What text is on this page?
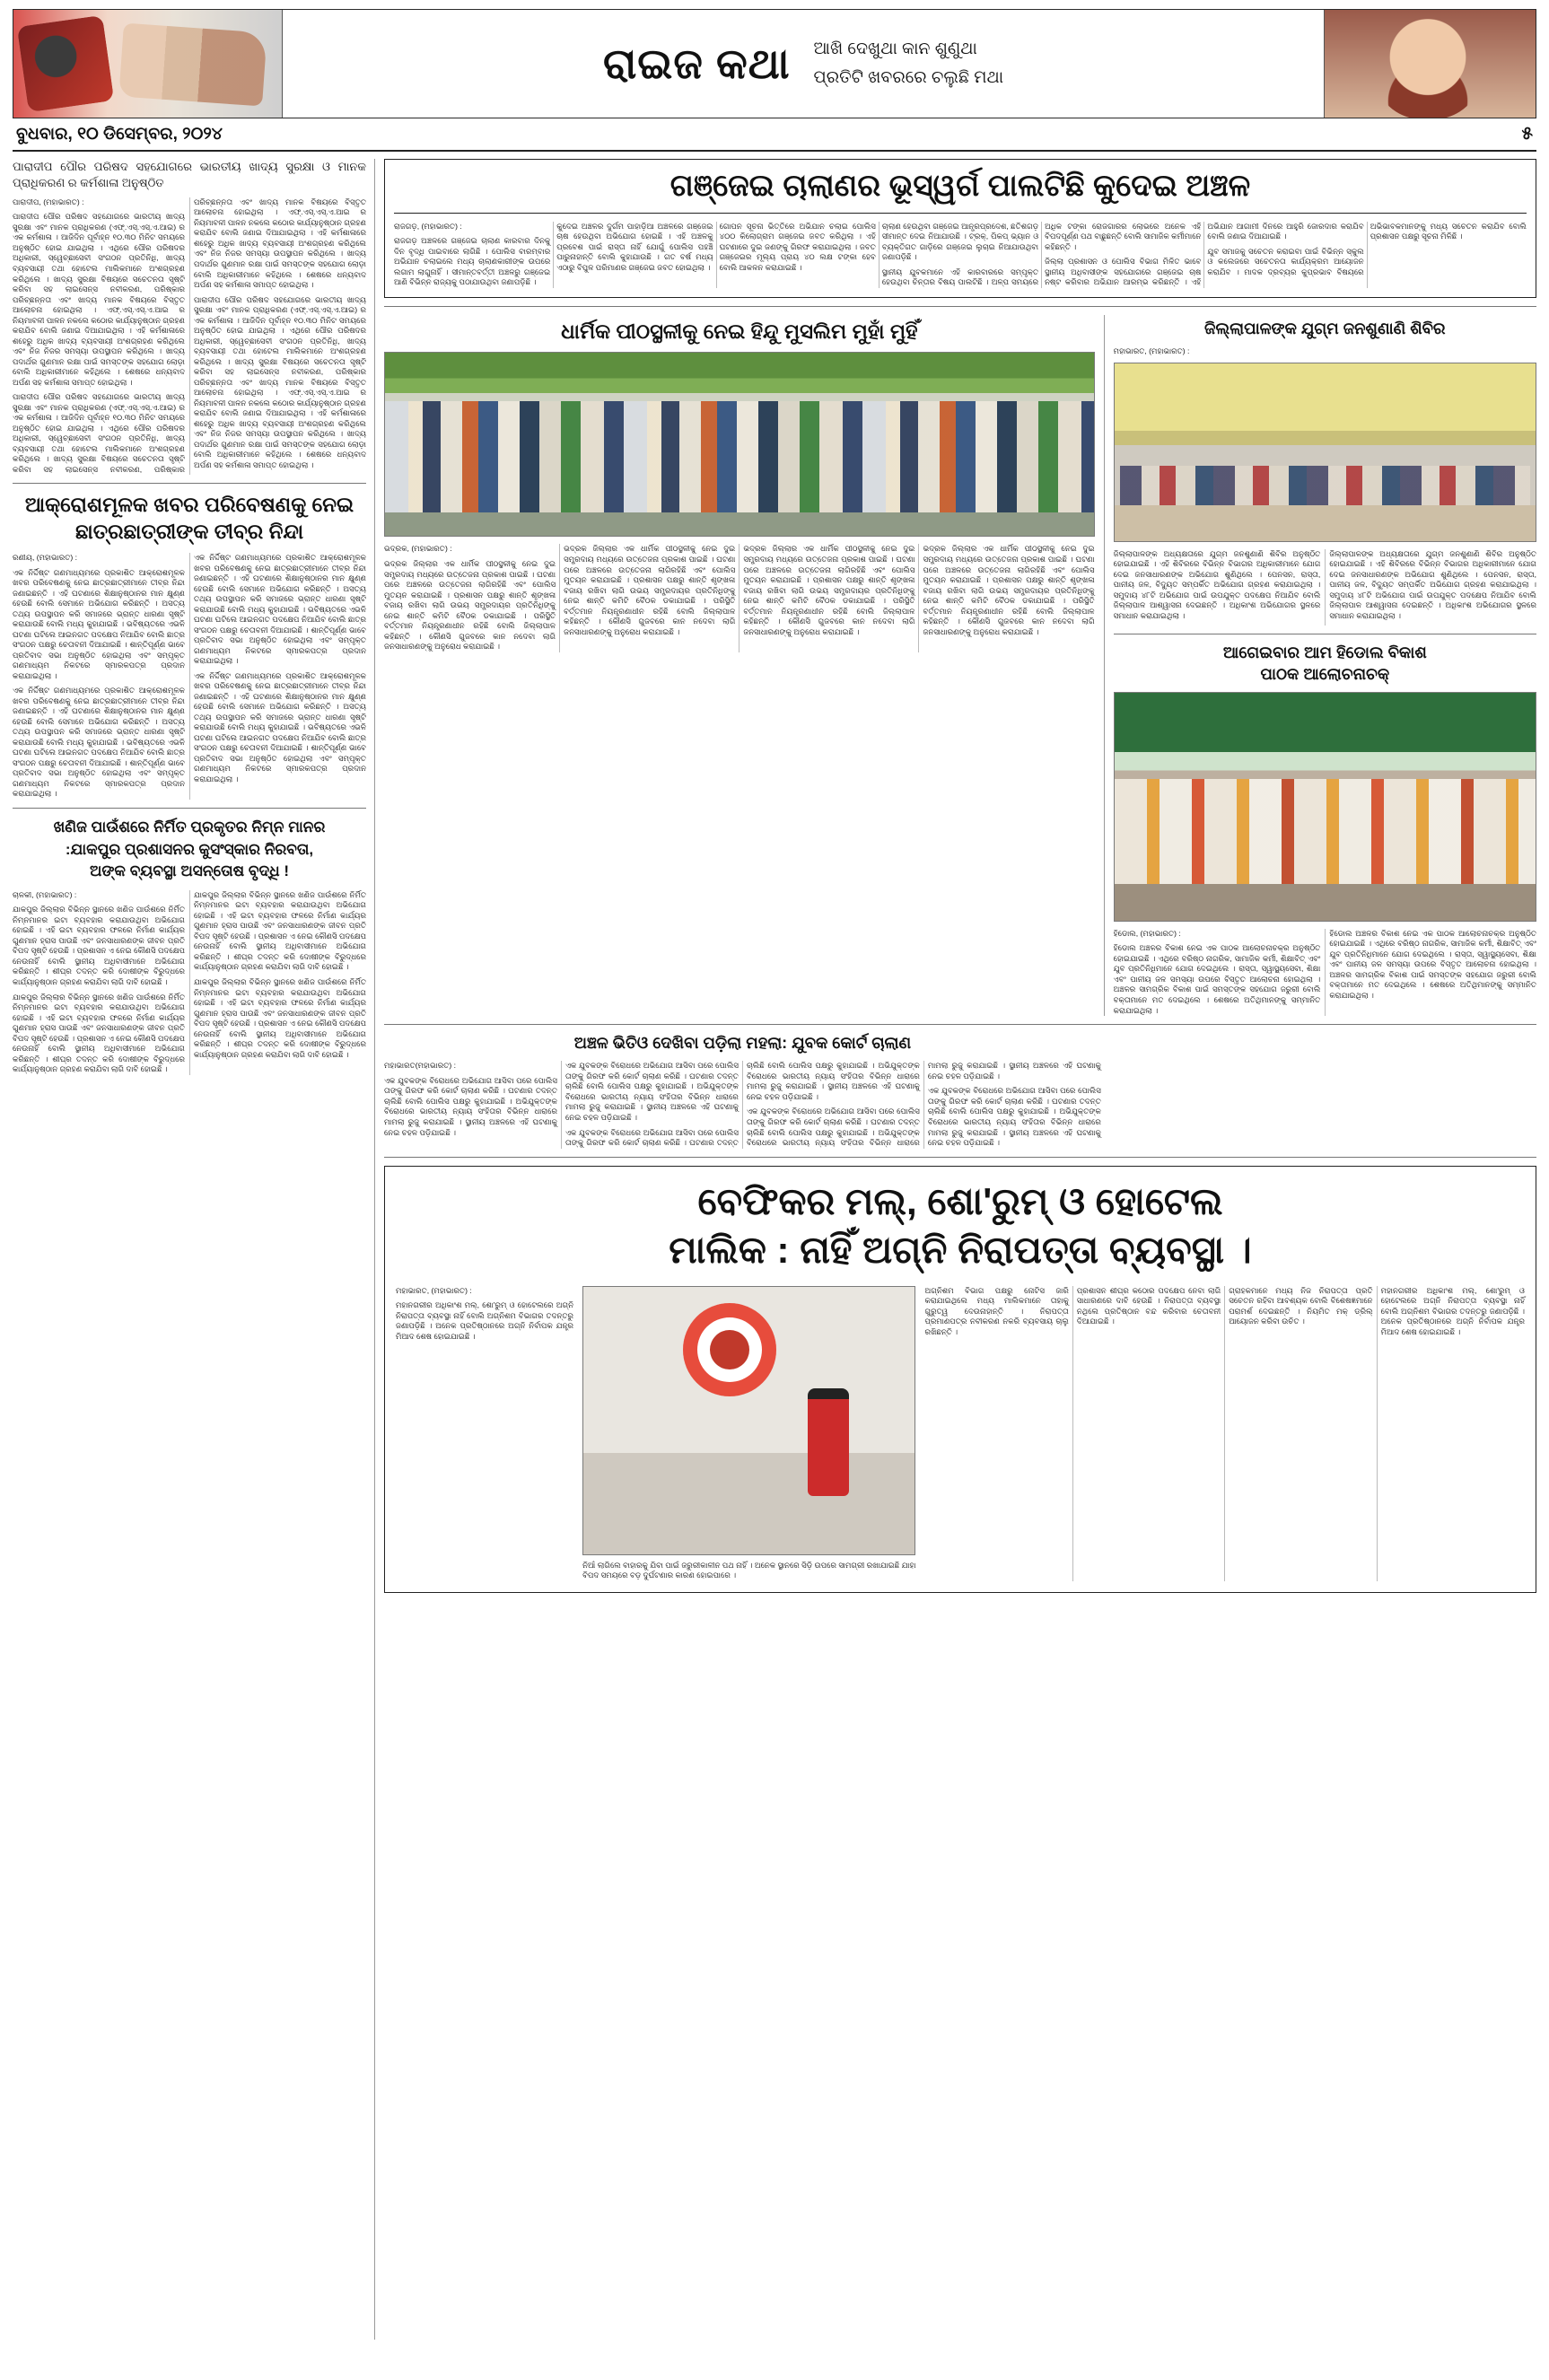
ରାଇଜ କଥା ଆଖି ଦେଖୁଥା କାନ ଶୁଣୁଥା
ପ୍ରତିଟି ଖବରରେ ଚଲୁଛି ମଥା
ବୁଧବାର, ୧୦ ଡିସେମ୍ବର, ୨୦୨୪	୫
ପାରାଦୀପ ପୌର ପରିଷଦ ସହଯୋଗରେ ଭାରତୀୟ ଖାଦ୍ୟ ସୁରକ୍ଷା ଓ ମାନକ ପ୍ରାଧିକରଣ ର କର୍ମଶାଳା ଅନୁଷ୍ଠିତ

ପାରାଦୀପ, (ମହାଭାରତ) :

ପାରାଦୀପ ପୌର ପରିଷଦ ସହଯୋଗରେ ଭାରତୀୟ ଖାଦ୍ୟ ସୁରକ୍ଷା ଏବଂ ମାନକ ପ୍ରାଧିକରଣ (ଏଫ୍.ଏସ୍.ଏସ୍.ଏ.ଆଇ) ର ଏକ କର୍ମଶାଳା । ଆଜିଦିନ ପୂର୍ବାହ୍ନ ୧୦.୩୦ ମିନିଟ ସମୟରେ ଅନୁଷ୍ଠିତ ହୋଇ ଯାଇଥିଲା । ଏଥିରେ ପୌର ପରିଷଦର ଅଧିକାରୀ, ସ୍ୱେଚ୍ଛାସେବୀ ସଂଗଠନ ପ୍ରତିନିଧି, ଖାଦ୍ୟ ବ୍ୟବସାୟୀ ତଥା ହୋଟେଲ ମାଲିକମାନେ ଅଂଶଗ୍ରହଣ କରିଥିଲେ । ଖାଦ୍ୟ ସୁରକ୍ଷା ବିଷୟରେ ସଚେତନତା ସୃଷ୍ଟି କରିବା ସହ ଲାଇସେନ୍ସ ନବୀକରଣ, ପରିଷ୍କାର ପରିଚ୍ଛନ୍ନତା ଏବଂ ଖାଦ୍ୟ ମାନକ ବିଷୟରେ ବିସ୍ତୃତ ଆଲୋଚନା ହୋଇଥିଲା । ଏଫ୍.ଏସ୍.ଏସ୍.ଏ.ଆଇ ର ନିୟମାବଳୀ ପାଳନ ନକଲେ କଠୋର କାର୍ଯ୍ୟାନୁଷ୍ଠାନ ଗ୍ରହଣ କରାଯିବ ବୋଲି ଜଣାଇ ଦିଆଯାଇଥିଲା । ଏହି କର୍ମଶାଳାରେ ଶହେରୁ ଅଧିକ ଖାଦ୍ୟ ବ୍ୟବସାୟୀ ଅଂଶଗ୍ରହଣ କରିଥିଲେ ଏବଂ ନିଜ ନିଜର ସମସ୍ୟା ଉପସ୍ଥାପନ କରିଥିଲେ । ଖାଦ୍ୟ ପଦାର୍ଥର ଗୁଣମାନ ରକ୍ଷା ପାଇଁ ସମସ୍ତଙ୍କ ସହଯୋଗ ଲୋଡ଼ା ବୋଲି ଅଧିକାରୀମାନେ କହିଥିଲେ । ଶେଷରେ ଧନ୍ୟବାଦ ଅର୍ପଣ ସହ କର୍ମଶାଳା ସମାପ୍ତ ହୋଇଥିଲା ।

ପାରାଦୀପ ପୌର ପରିଷଦ ସହଯୋଗରେ ଭାରତୀୟ ଖାଦ୍ୟ ସୁରକ୍ଷା ଏବଂ ମାନକ ପ୍ରାଧିକରଣ (ଏଫ୍.ଏସ୍.ଏସ୍.ଏ.ଆଇ) ର ଏକ କର୍ମଶାଳା । ଆଜିଦିନ ପୂର୍ବାହ୍ନ ୧୦.୩୦ ମିନିଟ ସମୟରେ ଅନୁଷ୍ଠିତ ହୋଇ ଯାଇଥିଲା । ଏଥିରେ ପୌର ପରିଷଦର ଅଧିକାରୀ, ସ୍ୱେଚ୍ଛାସେବୀ ସଂଗଠନ ପ୍ରତିନିଧି, ଖାଦ୍ୟ ବ୍ୟବସାୟୀ ତଥା ହୋଟେଲ ମାଲିକମାନେ ଅଂଶଗ୍ରହଣ କରିଥିଲେ । ଖାଦ୍ୟ ସୁରକ୍ଷା ବିଷୟରେ ସଚେତନତା ସୃଷ୍ଟି କରିବା ସହ ଲାଇସେନ୍ସ ନବୀକରଣ, ପରିଷ୍କାର ପରିଚ୍ଛନ୍ନତା ଏବଂ ଖାଦ୍ୟ ମାନକ ବିଷୟରେ ବିସ୍ତୃତ ଆଲୋଚନା ହୋଇଥିଲା । ଏଫ୍.ଏସ୍.ଏସ୍.ଏ.ଆଇ ର ନିୟମାବଳୀ ପାଳନ ନକଲେ କଠୋର କାର୍ଯ୍ୟାନୁଷ୍ଠାନ ଗ୍ରହଣ କରାଯିବ ବୋଲି ଜଣାଇ ଦିଆଯାଇଥିଲା । ଏହି କର୍ମଶାଳାରେ ଶହେରୁ ଅଧିକ ଖାଦ୍ୟ ବ୍ୟବସାୟୀ ଅଂଶଗ୍ରହଣ କରିଥିଲେ ଏବଂ ନିଜ ନିଜର ସମସ୍ୟା ଉପସ୍ଥାପନ କରିଥିଲେ । ଖାଦ୍ୟ ପଦାର୍ଥର ଗୁଣମାନ ରକ୍ଷା ପାଇଁ ସମସ୍ତଙ୍କ ସହଯୋଗ ଲୋଡ଼ା ବୋଲି ଅଧିକାରୀମାନେ କହିଥିଲେ । ଶେଷରେ ଧନ୍ୟବାଦ ଅର୍ପଣ ସହ କର୍ମଶାଳା ସମାପ୍ତ ହୋଇଥିଲା ।

ପାରାଦୀପ ପୌର ପରିଷଦ ସହଯୋଗରେ ଭାରତୀୟ ଖାଦ୍ୟ ସୁରକ୍ଷା ଏବଂ ମାନକ ପ୍ରାଧିକରଣ (ଏଫ୍.ଏସ୍.ଏସ୍.ଏ.ଆଇ) ର ଏକ କର୍ମଶାଳା । ଆଜିଦିନ ପୂର୍ବାହ୍ନ ୧୦.୩୦ ମିନିଟ ସମୟରେ ଅନୁଷ୍ଠିତ ହୋଇ ଯାଇଥିଲା । ଏଥିରେ ପୌର ପରିଷଦର ଅଧିକାରୀ, ସ୍ୱେଚ୍ଛାସେବୀ ସଂଗଠନ ପ୍ରତିନିଧି, ଖାଦ୍ୟ ବ୍ୟବସାୟୀ ତଥା ହୋଟେଲ ମାଲିକମାନେ ଅଂଶଗ୍ରହଣ କରିଥିଲେ । ଖାଦ୍ୟ ସୁରକ୍ଷା ବିଷୟରେ ସଚେତନତା ସୃଷ୍ଟି କରିବା ସହ ଲାଇସେନ୍ସ ନବୀକରଣ, ପରିଷ୍କାର ପରିଚ୍ଛନ୍ନତା ଏବଂ ଖାଦ୍ୟ ମାନକ ବିଷୟରେ ବିସ୍ତୃତ ଆଲୋଚନା ହୋଇଥିଲା । ଏଫ୍.ଏସ୍.ଏସ୍.ଏ.ଆଇ ର ନିୟମାବଳୀ ପାଳନ ନକଲେ କଠୋର କାର୍ଯ୍ୟାନୁଷ୍ଠାନ ଗ୍ରହଣ କରାଯିବ ବୋଲି ଜଣାଇ ଦିଆଯାଇଥିଲା । ଏହି କର୍ମଶାଳାରେ ଶହେରୁ ଅଧିକ ଖାଦ୍ୟ ବ୍ୟବସାୟୀ ଅଂଶଗ୍ରହଣ କରିଥିଲେ ଏବଂ ନିଜ ନିଜର ସମସ୍ୟା ଉପସ୍ଥାପନ କରିଥିଲେ । ଖାଦ୍ୟ ପଦାର୍ଥର ଗୁଣମାନ ରକ୍ଷା ପାଇଁ ସମସ୍ତଙ୍କ ସହଯୋଗ ଲୋଡ଼ା ବୋଲି ଅଧିକାରୀମାନେ କହିଥିଲେ । ଶେଷରେ ଧନ୍ୟବାଦ ଅର୍ପଣ ସହ କର୍ମଶାଳା ସମାପ୍ତ ହୋଇଥିଲା ।

ଆକ୍ରୋଶମୂଳକ ଖବର ପରିବେଷଣକୁ ନେଇ ଛାତ୍ରଛାତ୍ରୀଙ୍କ ତୀବ୍ର ନିନ୍ଦା

ରଣୀୟ, (ମହାଭାରତ) :

ଏକ ନିର୍ଦ୍ଦିଷ୍ଟ ଗଣମାଧ୍ୟମରେ ପ୍ରକାଶିତ ଆକ୍ରୋଶମୂଳକ ଖବର ପରିବେଷଣକୁ ନେଇ ଛାତ୍ରଛାତ୍ରୀମାନେ ତୀବ୍ର ନିନ୍ଦା ଜଣାଇଛନ୍ତି । ଏହି ଘଟଣାରେ ଶିକ୍ଷାନୁଷ୍ଠାନର ମାନ କ୍ଷୁଣ୍ଣ ହେଉଛି ବୋଲି ସେମାନେ ଅଭିଯୋଗ କରିଛନ୍ତି । ଅସତ୍ୟ ତଥ୍ୟ ଉପସ୍ଥାପନ କରି ସମାଜରେ ଭ୍ରାନ୍ତ ଧାରଣା ସୃଷ୍ଟି କରାଯାଉଛି ବୋଲି ମଧ୍ୟ କୁହାଯାଇଛି । ଭବିଷ୍ୟତରେ ଏଭଳି ଘଟଣା ଘଟିଲେ ଆଇନଗତ ପଦକ୍ଷେପ ନିଆଯିବ ବୋଲି ଛାତ୍ର ସଂଗଠନ ପକ୍ଷରୁ ଚେତାବନୀ ଦିଆଯାଇଛି । ଶାନ୍ତିପୂର୍ଣ୍ଣ ଭାବେ ପ୍ରତିବାଦ ସଭା ଅନୁଷ୍ଠିତ ହୋଇଥିଲା ଏବଂ ସମ୍ପୃକ୍ତ ଗଣମାଧ୍ୟମ ନିକଟରେ ସ୍ମାରକପତ୍ର ପ୍ରଦାନ କରାଯାଇଥିଲା ।

ଏକ ନିର୍ଦ୍ଦିଷ୍ଟ ଗଣମାଧ୍ୟମରେ ପ୍ରକାଶିତ ଆକ୍ରୋଶମୂଳକ ଖବର ପରିବେଷଣକୁ ନେଇ ଛାତ୍ରଛାତ୍ରୀମାନେ ତୀବ୍ର ନିନ୍ଦା ଜଣାଇଛନ୍ତି । ଏହି ଘଟଣାରେ ଶିକ୍ଷାନୁଷ୍ଠାନର ମାନ କ୍ଷୁଣ୍ଣ ହେଉଛି ବୋଲି ସେମାନେ ଅଭିଯୋଗ କରିଛନ୍ତି । ଅସତ୍ୟ ତଥ୍ୟ ଉପସ୍ଥାପନ କରି ସମାଜରେ ଭ୍ରାନ୍ତ ଧାରଣା ସୃଷ୍ଟି କରାଯାଉଛି ବୋଲି ମଧ୍ୟ କୁହାଯାଇଛି । ଭବିଷ୍ୟତରେ ଏଭଳି ଘଟଣା ଘଟିଲେ ଆଇନଗତ ପଦକ୍ଷେପ ନିଆଯିବ ବୋଲି ଛାତ୍ର ସଂଗଠନ ପକ୍ଷରୁ ଚେତାବନୀ ଦିଆଯାଇଛି । ଶାନ୍ତିପୂର୍ଣ୍ଣ ଭାବେ ପ୍ରତିବାଦ ସଭା ଅନୁଷ୍ଠିତ ହୋଇଥିଲା ଏବଂ ସମ୍ପୃକ୍ତ ଗଣମାଧ୍ୟମ ନିକଟରେ ସ୍ମାରକପତ୍ର ପ୍ରଦାନ କରାଯାଇଥିଲା ।

ଏକ ନିର୍ଦ୍ଦିଷ୍ଟ ଗଣମାଧ୍ୟମରେ ପ୍ରକାଶିତ ଆକ୍ରୋଶମୂଳକ ଖବର ପରିବେଷଣକୁ ନେଇ ଛାତ୍ରଛାତ୍ରୀମାନେ ତୀବ୍ର ନିନ୍ଦା ଜଣାଇଛନ୍ତି । ଏହି ଘଟଣାରେ ଶିକ୍ଷାନୁଷ୍ଠାନର ମାନ କ୍ଷୁଣ୍ଣ ହେଉଛି ବୋଲି ସେମାନେ ଅଭିଯୋଗ କରିଛନ୍ତି । ଅସତ୍ୟ ତଥ୍ୟ ଉପସ୍ଥାପନ କରି ସମାଜରେ ଭ୍ରାନ୍ତ ଧାରଣା ସୃଷ୍ଟି କରାଯାଉଛି ବୋଲି ମଧ୍ୟ କୁହାଯାଇଛି । ଭବିଷ୍ୟତରେ ଏଭଳି ଘଟଣା ଘଟିଲେ ଆଇନଗତ ପଦକ୍ଷେପ ନିଆଯିବ ବୋଲି ଛାତ୍ର ସଂଗଠନ ପକ୍ଷରୁ ଚେତାବନୀ ଦିଆଯାଇଛି । ଶାନ୍ତିପୂର୍ଣ୍ଣ ଭାବେ ପ୍ରତିବାଦ ସଭା ଅନୁଷ୍ଠିତ ହୋଇଥିଲା ଏବଂ ସମ୍ପୃକ୍ତ ଗଣମାଧ୍ୟମ ନିକଟରେ ସ୍ମାରକପତ୍ର ପ୍ରଦାନ କରାଯାଇଥିଲା ।

ଏକ ନିର୍ଦ୍ଦିଷ୍ଟ ଗଣମାଧ୍ୟମରେ ପ୍ରକାଶିତ ଆକ୍ରୋଶମୂଳକ ଖବର ପରିବେଷଣକୁ ନେଇ ଛାତ୍ରଛାତ୍ରୀମାନେ ତୀବ୍ର ନିନ୍ଦା ଜଣାଇଛନ୍ତି । ଏହି ଘଟଣାରେ ଶିକ୍ଷାନୁଷ୍ଠାନର ମାନ କ୍ଷୁଣ୍ଣ ହେଉଛି ବୋଲି ସେମାନେ ଅଭିଯୋଗ କରିଛନ୍ତି । ଅସତ୍ୟ ତଥ୍ୟ ଉପସ୍ଥାପନ କରି ସମାଜରେ ଭ୍ରାନ୍ତ ଧାରଣା ସୃଷ୍ଟି କରାଯାଉଛି ବୋଲି ମଧ୍ୟ କୁହାଯାଇଛି । ଭବିଷ୍ୟତରେ ଏଭଳି ଘଟଣା ଘଟିଲେ ଆଇନଗତ ପଦକ୍ଷେପ ନିଆଯିବ ବୋଲି ଛାତ୍ର ସଂଗଠନ ପକ୍ଷରୁ ଚେତାବନୀ ଦିଆଯାଇଛି । ଶାନ୍ତିପୂର୍ଣ୍ଣ ଭାବେ ପ୍ରତିବାଦ ସଭା ଅନୁଷ୍ଠିତ ହୋଇଥିଲା ଏବଂ ସମ୍ପୃକ୍ତ ଗଣମାଧ୍ୟମ ନିକଟରେ ସ୍ମାରକପତ୍ର ପ୍ରଦାନ କରାଯାଇଥିଲା ।

ଖଣିଜ ପାଉଁଶରେ ନିର୍ମିତ ପ୍ରକୃତର ନିମ୍ନ ମାନର
:ଯାକପୁର ପ୍ରଶାସନର କୁସଂସ୍କାର ନିରବତା,
ଅଙ୍କ ବ୍ୟବସ୍ଥା ଅସନ୍ତୋଷ ବୃଦ୍ଧି !

ଚାଳକୀ, (ମହାଭାରତ) :

ଯାକପୁର ଜିଲ୍ଲାର ବିଭିନ୍ନ ସ୍ଥାନରେ ଖଣିଜ ପାଉଁଶରେ ନିର୍ମିତ ନିମ୍ନମାନର ଇଟା ବ୍ୟବହାର କରାଯାଉଥିବା ଅଭିଯୋଗ ହୋଇଛି । ଏହି ଇଟା ବ୍ୟବହାର ଫଳରେ ନିର୍ମାଣ କାର୍ଯ୍ୟର ଗୁଣମାନ ହ୍ରାସ ପାଉଛି ଏବଂ ଜନସାଧାରଣଙ୍କ ଜୀବନ ପ୍ରତି ବିପଦ ସୃଷ୍ଟି ହେଉଛି । ପ୍ରଶାସନ ଏ ନେଇ କୌଣସି ପଦକ୍ଷେପ ନେଉନାହିଁ ବୋଲି ସ୍ଥାନୀୟ ଅଧିବାସୀମାନେ ଅଭିଯୋଗ କରିଛନ୍ତି । ଶୀଘ୍ର ତଦନ୍ତ କରି ଦୋଷୀଙ୍କ ବିରୁଦ୍ଧରେ କାର୍ଯ୍ୟାନୁଷ୍ଠାନ ଗ୍ରହଣ କରାଯିବା ଲାଗି ଦାବି ହୋଇଛି ।

ଯାକପୁର ଜିଲ୍ଲାର ବିଭିନ୍ନ ସ୍ଥାନରେ ଖଣିଜ ପାଉଁଶରେ ନିର୍ମିତ ନିମ୍ନମାନର ଇଟା ବ୍ୟବହାର କରାଯାଉଥିବା ଅଭିଯୋଗ ହୋଇଛି । ଏହି ଇଟା ବ୍ୟବହାର ଫଳରେ ନିର୍ମାଣ କାର୍ଯ୍ୟର ଗୁଣମାନ ହ୍ରାସ ପାଉଛି ଏବଂ ଜନସାଧାରଣଙ୍କ ଜୀବନ ପ୍ରତି ବିପଦ ସୃଷ୍ଟି ହେଉଛି । ପ୍ରଶାସନ ଏ ନେଇ କୌଣସି ପଦକ୍ଷେପ ନେଉନାହିଁ ବୋଲି ସ୍ଥାନୀୟ ଅଧିବାସୀମାନେ ଅଭିଯୋଗ କରିଛନ୍ତି । ଶୀଘ୍ର ତଦନ୍ତ କରି ଦୋଷୀଙ୍କ ବିରୁଦ୍ଧରେ କାର୍ଯ୍ୟାନୁଷ୍ଠାନ ଗ୍ରହଣ କରାଯିବା ଲାଗି ଦାବି ହୋଇଛି ।

ଯାକପୁର ଜିଲ୍ଲାର ବିଭିନ୍ନ ସ୍ଥାନରେ ଖଣିଜ ପାଉଁଶରେ ନିର୍ମିତ ନିମ୍ନମାନର ଇଟା ବ୍ୟବହାର କରାଯାଉଥିବା ଅଭିଯୋଗ ହୋଇଛି । ଏହି ଇଟା ବ୍ୟବହାର ଫଳରେ ନିର୍ମାଣ କାର୍ଯ୍ୟର ଗୁଣମାନ ହ୍ରାସ ପାଉଛି ଏବଂ ଜନସାଧାରଣଙ୍କ ଜୀବନ ପ୍ରତି ବିପଦ ସୃଷ୍ଟି ହେଉଛି । ପ୍ରଶାସନ ଏ ନେଇ କୌଣସି ପଦକ୍ଷେପ ନେଉନାହିଁ ବୋଲି ସ୍ଥାନୀୟ ଅଧିବାସୀମାନେ ଅଭିଯୋଗ କରିଛନ୍ତି । ଶୀଘ୍ର ତଦନ୍ତ କରି ଦୋଷୀଙ୍କ ବିରୁଦ୍ଧରେ କାର୍ଯ୍ୟାନୁଷ୍ଠାନ ଗ୍ରହଣ କରାଯିବା ଲାଗି ଦାବି ହୋଇଛି ।

ଯାକପୁର ଜିଲ୍ଲାର ବିଭିନ୍ନ ସ୍ଥାନରେ ଖଣିଜ ପାଉଁଶରେ ନିର୍ମିତ ନିମ୍ନମାନର ଇଟା ବ୍ୟବହାର କରାଯାଉଥିବା ଅଭିଯୋଗ ହୋଇଛି । ଏହି ଇଟା ବ୍ୟବହାର ଫଳରେ ନିର୍ମାଣ କାର୍ଯ୍ୟର ଗୁଣମାନ ହ୍ରାସ ପାଉଛି ଏବଂ ଜନସାଧାରଣଙ୍କ ଜୀବନ ପ୍ରତି ବିପଦ ସୃଷ୍ଟି ହେଉଛି । ପ୍ରଶାସନ ଏ ନେଇ କୌଣସି ପଦକ୍ଷେପ ନେଉନାହିଁ ବୋଲି ସ୍ଥାନୀୟ ଅଧିବାସୀମାନେ ଅଭିଯୋଗ କରିଛନ୍ତି । ଶୀଘ୍ର ତଦନ୍ତ କରି ଦୋଷୀଙ୍କ ବିରୁଦ୍ଧରେ କାର୍ଯ୍ୟାନୁଷ୍ଠାନ ଗ୍ରହଣ କରାଯିବା ଲାଗି ଦାବି ହୋଇଛି ।

ଗଞ୍ଜେଇ ଚାଲାଣର ଭୂସ୍ୱର୍ଗ ପାଲଟିଛି କୁଦେଇ ଅଞ୍ଚଳ

ରାଜଗଡ଼, (ମହାଭାରତ) :

ରାଜଗଡ଼ ଅଞ୍ଚଳରେ ଗଞ୍ଜେଇ ଚାଲାଣ କାରବାର ଦିନକୁ ଦିନ ବୃଦ୍ଧି ପାଇବାରେ ଲାଗିଛି । ପୋଲିସ ବାରମ୍ବାର ଅଭିଯାନ ଚଲାଇଲେ ମଧ୍ୟ ଚାଲାଣକାରୀଙ୍କ ଉପରେ ଲଗାମ ଲାଗୁନାହିଁ । ସୀମାନ୍ତବର୍ତ୍ତୀ ଅଞ୍ଚଳରୁ ଗଞ୍ଜେଇ ଆଣି ବିଭିନ୍ନ ରାଜ୍ୟକୁ ପଠାଯାଉଥିବା ଜଣାପଡ଼ିଛି ।

କୁଦେଇ ଅଞ୍ଚଳର ଦୁର୍ଗମ ପାହାଡ଼ିଆ ଅଞ୍ଚଳରେ ଗଞ୍ଜେଇ ଚାଷ ହେଉଥିବା ଅଭିଯୋଗ ହୋଇଛି । ଏହି ଅଞ୍ଚଳକୁ ପ୍ରବେଶ ପାଇଁ ରାସ୍ତା ନାହିଁ ଯୋଗୁଁ ପୋଲିସ ପହଞ୍ଚି ପାରୁନାହାନ୍ତି ବୋଲି କୁହାଯାଉଛି । ଗତ ବର୍ଷ ମଧ୍ୟ ଏଠାରୁ ବିପୁଳ ପରିମାଣର ଗଞ୍ଜେଇ ଜବତ ହୋଇଥିଲା ।

ଗୋପନ ସୂଚନା ଭିତ୍ତିରେ ଅଭିଯାନ ଚଲାଇ ପୋଲିସ ୪୦୦ କିଲୋଗ୍ରାମ ଗଞ୍ଜେଇ ଜବତ କରିଥିଲା । ଏହି ଘଟଣାରେ ଦୁଇ ଜଣଙ୍କୁ ଗିରଫ କରାଯାଇଥିଲା । ଜବତ ଗଞ୍ଜେଇର ମୂଲ୍ୟ ପ୍ରାୟ ୪୦ ଲକ୍ଷ ଟଙ୍କା ହେବ ବୋଲି ଆକଳନ କରାଯାଇଛି ।

ଚାଲାଣ ହେଉଥିବା ଗଞ୍ଜେଇ ଆନ୍ଧ୍ରପ୍ରଦେଶ, ଛତିଶଗଡ଼ ସୀମାନ୍ତ ଦେଇ ନିଆଯାଉଛି । ଟ୍ରକ୍, ପିକପ୍ ଭ୍ୟାନ ଓ ବ୍ୟକ୍ତିଗତ ଗାଡ଼ିରେ ଗଞ୍ଜେଇ ଲୁଚାଇ ନିଆଯାଉଥିବା ଜଣାପଡ଼ିଛି ।

ସ୍ଥାନୀୟ ଯୁବକମାନେ ଏହି କାରବାରରେ ସମ୍ପୃକ୍ତ ହେଉଥିବା ଚିନ୍ତାର ବିଷୟ ପାଲଟିଛି । ଅଳ୍ପ ସମୟରେ ଅଧିକ ଟଙ୍କା ରୋଜଗାରର ଲୋଭରେ ଅନେକ ଏହି ବିପଦପୂର୍ଣ୍ଣ ପଥ ବାଛୁଛନ୍ତି ବୋଲି ସାମାଜିକ କର୍ମୀମାନେ କହିଛନ୍ତି ।

ଜିଲ୍ଲା ପ୍ରଶାସନ ଓ ପୋଲିସ ବିଭାଗ ମିଳିତ ଭାବେ ସ୍ଥାନୀୟ ଅଧିବାସୀଙ୍କ ସହଯୋଗରେ ଗଞ୍ଜେଇ ଚାଷ ନଷ୍ଟ କରିବାର ଅଭିଯାନ ଆରମ୍ଭ କରିଛନ୍ତି । ଏହି ଅଭିଯାନ ଆଗାମୀ ଦିନରେ ଆହୁରି ଜୋରଦାର କରାଯିବ ବୋଲି ଜଣାଇ ଦିଆଯାଇଛି ।

ଯୁବ ସମାଜକୁ ସଚେତନ କରାଇବା ପାଇଁ ବିଭିନ୍ନ ସ୍କୁଲ ଓ କଲେଜରେ ସଚେତନତା କାର୍ଯ୍ୟକ୍ରମ ଆୟୋଜନ କରାଯିବ । ମାଦକ ଦ୍ରବ୍ୟର କୁପ୍ରଭାବ ବିଷୟରେ ଅଭିଭାବକମାନଙ୍କୁ ମଧ୍ୟ ସଚେତନ କରାଯିବ ବୋଲି ପ୍ରଶାସନ ପକ୍ଷରୁ ସୂଚନା ମିଳିଛି ।

ଧାର୍ମିକ ପୀଠସ୍ଥଳୀକୁ ନେଇ ହିନ୍ଦୁ ମୁସଲିମ ମୁହାଁ ମୁହିଁ

ଭଦ୍ରକ, (ମହାଭାରତ) :

ଭଦ୍ରକ ଜିଲ୍ଲାର ଏକ ଧାର୍ମିକ ପୀଠସ୍ଥଳୀକୁ ନେଇ ଦୁଇ ସମ୍ପ୍ରଦାୟ ମଧ୍ୟରେ ଉତ୍ତେଜନା ପ୍ରକାଶ ପାଇଛି । ଘଟଣା ପରେ ଅଞ୍ଚଳରେ ଉତ୍ତେଜନା ଲାଗିରହିଛି ଏବଂ ପୋଲିସ ମୁତୟନ କରାଯାଇଛି । ପ୍ରଶାସନ ପକ୍ଷରୁ ଶାନ୍ତି ଶୃଙ୍ଖଳା ବଜାୟ ରଖିବା ଲାଗି ଉଭୟ ସମ୍ପ୍ରଦାୟର ପ୍ରତିନିଧିଙ୍କୁ ନେଇ ଶାନ୍ତି କମିଟି ବୈଠକ ଡକାଯାଇଛି । ପରିସ୍ଥିତି ବର୍ତ୍ତମାନ ନିୟନ୍ତ୍ରଣାଧୀନ ରହିଛି ବୋଲି ଜିଲ୍ଲାପାଳ କହିଛନ୍ତି । କୌଣସି ଗୁଜବରେ କାନ ନଦେବା ଲାଗି ଜନସାଧାରଣଙ୍କୁ ଅନୁରୋଧ କରାଯାଇଛି ।

ଭଦ୍ରକ ଜିଲ୍ଲାର ଏକ ଧାର୍ମିକ ପୀଠସ୍ଥଳୀକୁ ନେଇ ଦୁଇ ସମ୍ପ୍ରଦାୟ ମଧ୍ୟରେ ଉତ୍ତେଜନା ପ୍ରକାଶ ପାଇଛି । ଘଟଣା ପରେ ଅଞ୍ଚଳରେ ଉତ୍ତେଜନା ଲାଗିରହିଛି ଏବଂ ପୋଲିସ ମୁତୟନ କରାଯାଇଛି । ପ୍ରଶାସନ ପକ୍ଷରୁ ଶାନ୍ତି ଶୃଙ୍ଖଳା ବଜାୟ ରଖିବା ଲାଗି ଉଭୟ ସମ୍ପ୍ରଦାୟର ପ୍ରତିନିଧିଙ୍କୁ ନେଇ ଶାନ୍ତି କମିଟି ବୈଠକ ଡକାଯାଇଛି । ପରିସ୍ଥିତି ବର୍ତ୍ତମାନ ନିୟନ୍ତ୍ରଣାଧୀନ ରହିଛି ବୋଲି ଜିଲ୍ଲାପାଳ କହିଛନ୍ତି । କୌଣସି ଗୁଜବରେ କାନ ନଦେବା ଲାଗି ଜନସାଧାରଣଙ୍କୁ ଅନୁରୋଧ କରାଯାଇଛି ।

ଭଦ୍ରକ ଜିଲ୍ଲାର ଏକ ଧାର୍ମିକ ପୀଠସ୍ଥଳୀକୁ ନେଇ ଦୁଇ ସମ୍ପ୍ରଦାୟ ମଧ୍ୟରେ ଉତ୍ତେଜନା ପ୍ରକାଶ ପାଇଛି । ଘଟଣା ପରେ ଅଞ୍ଚଳରେ ଉତ୍ତେଜନା ଲାଗିରହିଛି ଏବଂ ପୋଲିସ ମୁତୟନ କରାଯାଇଛି । ପ୍ରଶାସନ ପକ୍ଷରୁ ଶାନ୍ତି ଶୃଙ୍ଖଳା ବଜାୟ ରଖିବା ଲାଗି ଉଭୟ ସମ୍ପ୍ରଦାୟର ପ୍ରତିନିଧିଙ୍କୁ ନେଇ ଶାନ୍ତି କମିଟି ବୈଠକ ଡକାଯାଇଛି । ପରିସ୍ଥିତି ବର୍ତ୍ତମାନ ନିୟନ୍ତ୍ରଣାଧୀନ ରହିଛି ବୋଲି ଜିଲ୍ଲାପାଳ କହିଛନ୍ତି । କୌଣସି ଗୁଜବରେ କାନ ନଦେବା ଲାଗି ଜନସାଧାରଣଙ୍କୁ ଅନୁରୋଧ କରାଯାଇଛି ।

ଭଦ୍ରକ ଜିଲ୍ଲାର ଏକ ଧାର୍ମିକ ପୀଠସ୍ଥଳୀକୁ ନେଇ ଦୁଇ ସମ୍ପ୍ରଦାୟ ମଧ୍ୟରେ ଉତ୍ତେଜନା ପ୍ରକାଶ ପାଇଛି । ଘଟଣା ପରେ ଅଞ୍ଚଳରେ ଉତ୍ତେଜନା ଲାଗିରହିଛି ଏବଂ ପୋଲିସ ମୁତୟନ କରାଯାଇଛି । ପ୍ରଶାସନ ପକ୍ଷରୁ ଶାନ୍ତି ଶୃଙ୍ଖଳା ବଜାୟ ରଖିବା ଲାଗି ଉଭୟ ସମ୍ପ୍ରଦାୟର ପ୍ରତିନିଧିଙ୍କୁ ନେଇ ଶାନ୍ତି କମିଟି ବୈଠକ ଡକାଯାଇଛି । ପରିସ୍ଥିତି ବର୍ତ୍ତମାନ ନିୟନ୍ତ୍ରଣାଧୀନ ରହିଛି ବୋଲି ଜିଲ୍ଲାପାଳ କହିଛନ୍ତି । କୌଣସି ଗୁଜବରେ କାନ ନଦେବା ଲାଗି ଜନସାଧାରଣଙ୍କୁ ଅନୁରୋଧ କରାଯାଇଛି ।

ଜିଲ୍ଲାପାଳଙ୍କ ଯୁଗ୍ମ ଜନଶୁଣାଣି ଶିବିର
ମହାଭାରତ, (ମହାଭାରତ) :

ଜିଲ୍ଲାପାଳଙ୍କ ଅଧ୍ୟକ୍ଷତାରେ ଯୁଗ୍ମ ଜନଶୁଣାଣି ଶିବିର ଅନୁଷ୍ଠିତ ହୋଇଯାଇଛି । ଏହି ଶିବିରରେ ବିଭିନ୍ନ ବିଭାଗର ଅଧିକାରୀମାନେ ଯୋଗ ଦେଇ ଜନସାଧାରଣଙ୍କ ଅଭିଯୋଗ ଶୁଣିଥିଲେ । ପେନସନ, ରାସ୍ତା, ପାନୀୟ ଜଳ, ବିଦ୍ୟୁତ ସମ୍ପର୍କିତ ଅଭିଯୋଗ ଗ୍ରହଣ କରାଯାଇଥିଲା । ସମୁଦାୟ ୪୮ଟି ଅଭିଯୋଗ ପାଇଁ ଉପଯୁକ୍ତ ପଦକ୍ଷେପ ନିଆଯିବ ବୋଲି ଜିଲ୍ଲାପାଳ ଆଶ୍ୱାସନା ଦେଇଛନ୍ତି । ଅଧିକାଂଶ ଅଭିଯୋଗର ସ୍ଥଳରେ ସମାଧାନ କରାଯାଇଥିଲା ।

ଜିଲ୍ଲାପାଳଙ୍କ ଅଧ୍ୟକ୍ଷତାରେ ଯୁଗ୍ମ ଜନଶୁଣାଣି ଶିବିର ଅନୁଷ୍ଠିତ ହୋଇଯାଇଛି । ଏହି ଶିବିରରେ ବିଭିନ୍ନ ବିଭାଗର ଅଧିକାରୀମାନେ ଯୋଗ ଦେଇ ଜନସାଧାରଣଙ୍କ ଅଭିଯୋଗ ଶୁଣିଥିଲେ । ପେନସନ, ରାସ୍ତା, ପାନୀୟ ଜଳ, ବିଦ୍ୟୁତ ସମ୍ପର୍କିତ ଅଭିଯୋଗ ଗ୍ରହଣ କରାଯାଇଥିଲା । ସମୁଦାୟ ୪୮ଟି ଅଭିଯୋଗ ପାଇଁ ଉପଯୁକ୍ତ ପଦକ୍ଷେପ ନିଆଯିବ ବୋଲି ଜିଲ୍ଲାପାଳ ଆଶ୍ୱାସନା ଦେଇଛନ୍ତି । ଅଧିକାଂଶ ଅଭିଯୋଗର ସ୍ଥଳରେ ସମାଧାନ କରାଯାଇଥିଲା ।

ଆଗେଇବାର ଆମ ହିଡୋଲ ବିକାଶ
ପାଠକ ଆଲୋଚନାଚକ୍

ହିଡୋଲ, (ମହାଭାରତ) :

ହିଡୋଲ ଅଞ୍ଚଳର ବିକାଶ ନେଇ ଏକ ପାଠକ ଆଲୋଚନାଚକ୍ର ଅନୁଷ୍ଠିତ ହୋଇଯାଇଛି । ଏଥିରେ ବରିଷ୍ଠ ନାଗରିକ, ସାମାଜିକ କର୍ମୀ, ଶିକ୍ଷାବିତ୍ ଏବଂ ଯୁବ ପ୍ରତିନିଧିମାନେ ଯୋଗ ଦେଇଥିଲେ । ରାସ୍ତା, ସ୍ୱାସ୍ଥ୍ୟସେବା, ଶିକ୍ଷା ଏବଂ ପାନୀୟ ଜଳ ସମସ୍ୟା ଉପରେ ବିସ୍ତୃତ ଆଲୋଚନା ହୋଇଥିଲା । ଅଞ୍ଚଳର ସାମଗ୍ରିକ ବିକାଶ ପାଇଁ ସମସ୍ତଙ୍କ ସହଯୋଗ ଜରୁରୀ ବୋଲି ବକ୍ତାମାନେ ମତ ଦେଇଥିଲେ । ଶେଷରେ ଅତିଥିମାନଙ୍କୁ ସମ୍ମାନିତ କରାଯାଇଥିଲା ।

ହିଡୋଲ ଅଞ୍ଚଳର ବିକାଶ ନେଇ ଏକ ପାଠକ ଆଲୋଚନାଚକ୍ର ଅନୁଷ୍ଠିତ ହୋଇଯାଇଛି । ଏଥିରେ ବରିଷ୍ଠ ନାଗରିକ, ସାମାଜିକ କର୍ମୀ, ଶିକ୍ଷାବିତ୍ ଏବଂ ଯୁବ ପ୍ରତିନିଧିମାନେ ଯୋଗ ଦେଇଥିଲେ । ରାସ୍ତା, ସ୍ୱାସ୍ଥ୍ୟସେବା, ଶିକ୍ଷା ଏବଂ ପାନୀୟ ଜଳ ସମସ୍ୟା ଉପରେ ବିସ୍ତୃତ ଆଲୋଚନା ହୋଇଥିଲା । ଅଞ୍ଚଳର ସାମଗ୍ରିକ ବିକାଶ ପାଇଁ ସମସ୍ତଙ୍କ ସହଯୋଗ ଜରୁରୀ ବୋଲି ବକ୍ତାମାନେ ମତ ଦେଇଥିଲେ । ଶେଷରେ ଅତିଥିମାନଙ୍କୁ ସମ୍ମାନିତ କରାଯାଇଥିଲା ।

ଅଞ୍ଚଳ ଭିତିଓ ଦେଖିବା ପଡ଼ିଲା ମହଲା: ଯୁବକ କୋର୍ଟ ଚାଲାଣ

ମହାଭାରତ(ମହାଭାରତ) :

ଏକ ଯୁବକଙ୍କ ବିରୋଧରେ ଅଭିଯୋଗ ଆସିବା ପରେ ପୋଲିସ ତାଙ୍କୁ ଗିରଫ କରି କୋର୍ଟ ଚାଲାଣ କରିଛି । ଘଟଣାର ତଦନ୍ତ ଚାଲିଛି ବୋଲି ପୋଲିସ ପକ୍ଷରୁ କୁହାଯାଇଛି । ଅଭିଯୁକ୍ତଙ୍କ ବିରୋଧରେ ଭାରତୀୟ ନ୍ୟାୟ ସଂହିତାର ବିଭିନ୍ନ ଧାରାରେ ମାମଲା ରୁଜୁ କରାଯାଇଛି । ସ୍ଥାନୀୟ ଅଞ୍ଚଳରେ ଏହି ଘଟଣାକୁ ନେଇ ଚହଳ ପଡ଼ିଯାଇଛି ।

ଏକ ଯୁବକଙ୍କ ବିରୋଧରେ ଅଭିଯୋଗ ଆସିବା ପରେ ପୋଲିସ ତାଙ୍କୁ ଗିରଫ କରି କୋର୍ଟ ଚାଲାଣ କରିଛି । ଘଟଣାର ତଦନ୍ତ ଚାଲିଛି ବୋଲି ପୋଲିସ ପକ୍ଷରୁ କୁହାଯାଇଛି । ଅଭିଯୁକ୍ତଙ୍କ ବିରୋଧରେ ଭାରତୀୟ ନ୍ୟାୟ ସଂହିତାର ବିଭିନ୍ନ ଧାରାରେ ମାମଲା ରୁଜୁ କରାଯାଇଛି । ସ୍ଥାନୀୟ ଅଞ୍ଚଳରେ ଏହି ଘଟଣାକୁ ନେଇ ଚହଳ ପଡ଼ିଯାଇଛି ।

ଏକ ଯୁବକଙ୍କ ବିରୋଧରେ ଅଭିଯୋଗ ଆସିବା ପରେ ପୋଲିସ ତାଙ୍କୁ ଗିରଫ କରି କୋର୍ଟ ଚାଲାଣ କରିଛି । ଘଟଣାର ତଦନ୍ତ ଚାଲିଛି ବୋଲି ପୋଲିସ ପକ୍ଷରୁ କୁହାଯାଇଛି । ଅଭିଯୁକ୍ତଙ୍କ ବିରୋଧରେ ଭାରତୀୟ ନ୍ୟାୟ ସଂହିତାର ବିଭିନ୍ନ ଧାରାରେ ମାମଲା ରୁଜୁ କରାଯାଇଛି । ସ୍ଥାନୀୟ ଅଞ୍ଚଳରେ ଏହି ଘଟଣାକୁ ନେଇ ଚହଳ ପଡ଼ିଯାଇଛି ।

ଏକ ଯୁବକଙ୍କ ବିରୋଧରେ ଅଭିଯୋଗ ଆସିବା ପରେ ପୋଲିସ ତାଙ୍କୁ ଗିରଫ କରି କୋର୍ଟ ଚାଲାଣ କରିଛି । ଘଟଣାର ତଦନ୍ତ ଚାଲିଛି ବୋଲି ପୋଲିସ ପକ୍ଷରୁ କୁହାଯାଇଛି । ଅଭିଯୁକ୍ତଙ୍କ ବିରୋଧରେ ଭାରତୀୟ ନ୍ୟାୟ ସଂହିତାର ବିଭିନ୍ନ ଧାରାରେ ମାମଲା ରୁଜୁ କରାଯାଇଛି । ସ୍ଥାନୀୟ ଅଞ୍ଚଳରେ ଏହି ଘଟଣାକୁ ନେଇ ଚହଳ ପଡ଼ିଯାଇଛି ।

ଏକ ଯୁବକଙ୍କ ବିରୋଧରେ ଅଭିଯୋଗ ଆସିବା ପରେ ପୋଲିସ ତାଙ୍କୁ ଗିରଫ କରି କୋର୍ଟ ଚାଲାଣ କରିଛି । ଘଟଣାର ତଦନ୍ତ ଚାଲିଛି ବୋଲି ପୋଲିସ ପକ୍ଷରୁ କୁହାଯାଇଛି । ଅଭିଯୁକ୍ତଙ୍କ ବିରୋଧରେ ଭାରତୀୟ ନ୍ୟାୟ ସଂହିତାର ବିଭିନ୍ନ ଧାରାରେ ମାମଲା ରୁଜୁ କରାଯାଇଛି । ସ୍ଥାନୀୟ ଅଞ୍ଚଳରେ ଏହି ଘଟଣାକୁ ନେଇ ଚହଳ ପଡ଼ିଯାଇଛି ।

ବେଫିକର ମଲ୍, ଶୋ'ରୁମ୍ ଓ ହୋଟେଲ
ମାଲିକ : ନାହିଁ ଅଗ୍ନି ନିରାପତ୍ତା ବ୍ୟବସ୍ଥା ।

ମହାଭାରତ, (ମହାଭାରତ) :

ମହାନଗରୀର ଅଧିକାଂଶ ମଲ୍, ଶୋ'ରୁମ୍ ଓ ହୋଟେଲରେ ଅଗ୍ନି ନିରାପତ୍ତା ବ୍ୟବସ୍ଥା ନାହିଁ ବୋଲି ଅଗ୍ନିଶମ ବିଭାଗର ତଦନ୍ତରୁ ଜଣାପଡ଼ିଛି । ଅନେକ ପ୍ରତିଷ୍ଠାନରେ ଅଗ୍ନି ନିର୍ବାପକ ଯନ୍ତ୍ର ମିଆଦ ଶେଷ ହୋଇଯାଇଛି ।

ନିଆଁ ଲାଗିଲେ ବାହାରକୁ ଯିବା ପାଇଁ ଜରୁରୀକାଳୀନ ପଥ ନାହିଁ । ଅନେକ ସ୍ଥାନରେ ସିଡ଼ି ଉପରେ ସାମଗ୍ରୀ ରଖାଯାଇଛି ଯାହା ବିପଦ ସମୟରେ ବଡ଼ ଦୁର୍ଘଟଣାର କାରଣ ହୋଇପାରେ ।

ଅଗ୍ନିଶମ ବିଭାଗ ପକ୍ଷରୁ ନୋଟିସ ଜାରି କରାଯାଇଥିଲେ ମଧ୍ୟ ମାଲିକମାନେ ତାହାକୁ ଗୁରୁତ୍ୱ ଦେଉନାହାନ୍ତି । ନିରାପତ୍ତା ପ୍ରମାଣପତ୍ର ନବୀକରଣ ନକରି ବ୍ୟବସାୟ ଚାଲୁ ରଖିଛନ୍ତି ।

ପ୍ରଶାସନ ଶୀଘ୍ର କଠୋର ପଦକ୍ଷେପ ନେବା ଲାଗି ସାଧାରଣରେ ଦାବି ହେଉଛି । ନିରାପତ୍ତା ବ୍ୟବସ୍ଥା ନଥିଲେ ପ୍ରତିଷ୍ଠାନ ବନ୍ଦ କରିବାର ଚେତାବନୀ ଦିଆଯାଇଛି ।

ଗ୍ରାହକମାନେ ମଧ୍ୟ ନିଜ ନିରାପତ୍ତା ପ୍ରତି ସଚେତନ ରହିବା ଆବଶ୍ୟକ ବୋଲି ବିଶେଷଜ୍ଞମାନେ ପରାମର୍ଶ ଦେଇଛନ୍ତି । ନିୟମିତ ମକ୍ ଡ୍ରିଲ୍ ଆୟୋଜନ କରିବା ଉଚିତ ।

ମହାନଗରୀର ଅଧିକାଂଶ ମଲ୍, ଶୋ'ରୁମ୍ ଓ ହୋଟେଲରେ ଅଗ୍ନି ନିରାପତ୍ତା ବ୍ୟବସ୍ଥା ନାହିଁ ବୋଲି ଅଗ୍ନିଶମ ବିଭାଗର ତଦନ୍ତରୁ ଜଣାପଡ଼ିଛି । ଅନେକ ପ୍ରତିଷ୍ଠାନରେ ଅଗ୍ନି ନିର୍ବାପକ ଯନ୍ତ୍ର ମିଆଦ ଶେଷ ହୋଇଯାଇଛି ।
